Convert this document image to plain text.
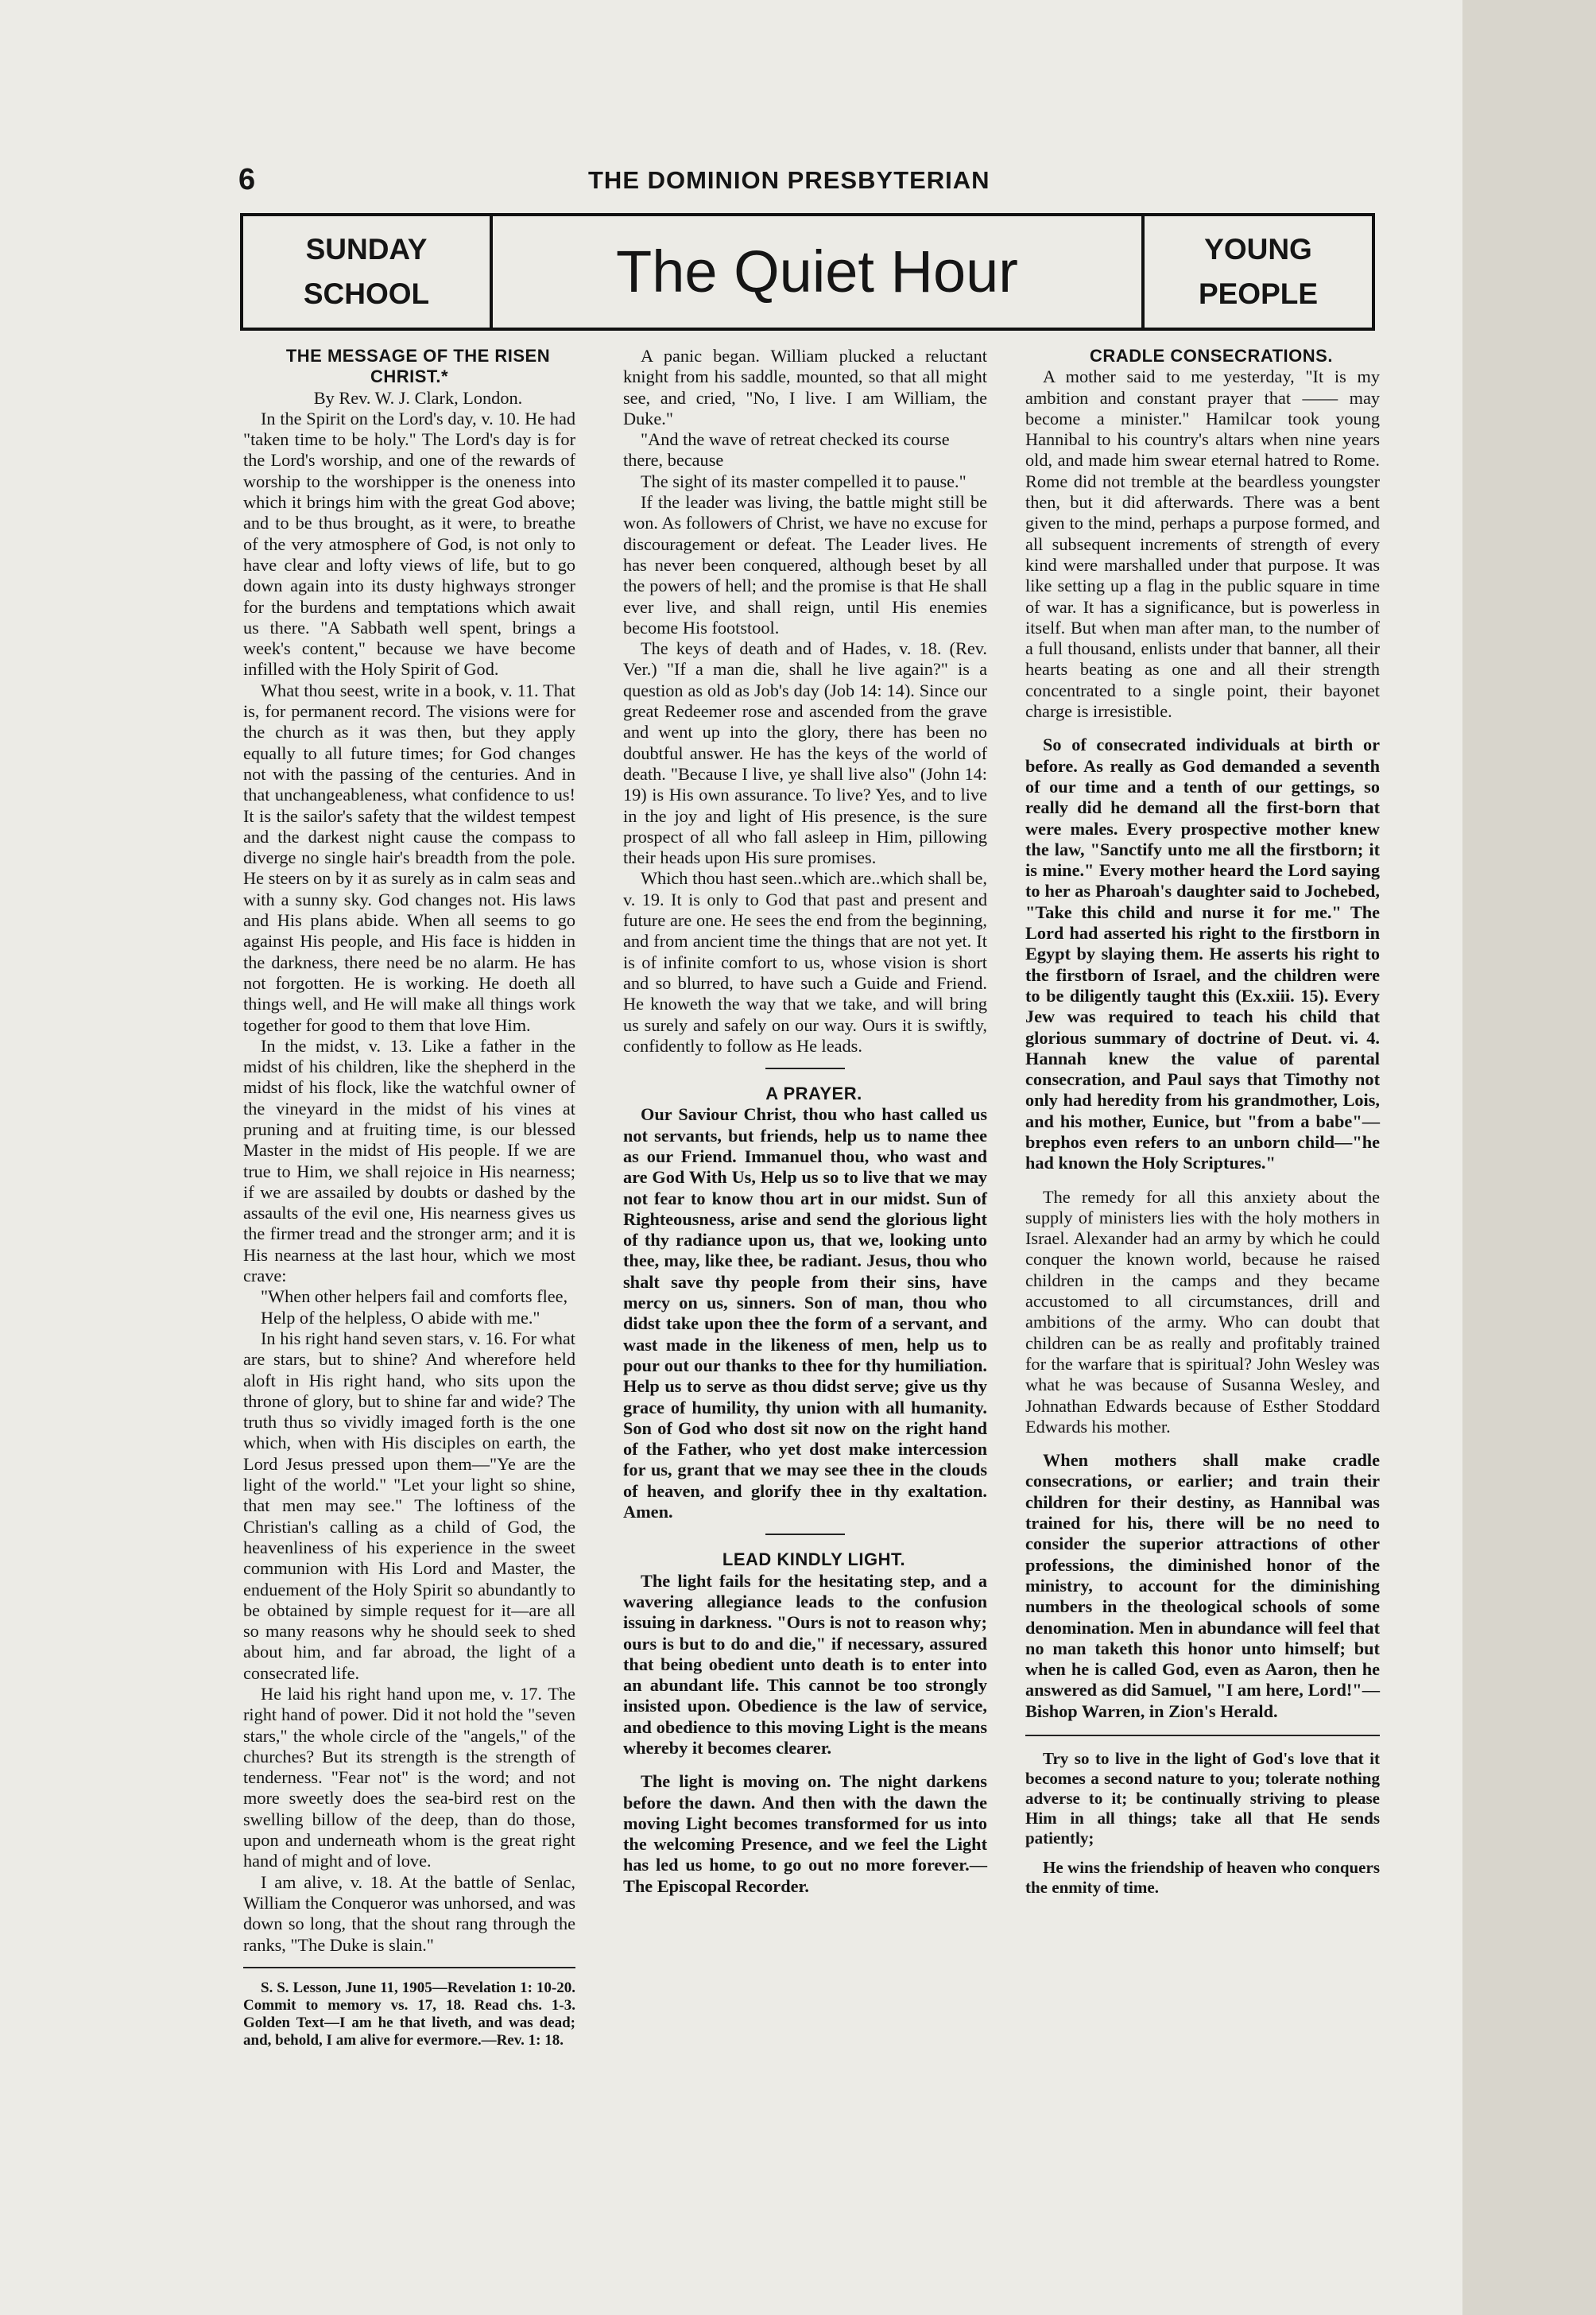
6	THE DOMINION PRESBYTERIAN
SUNDAY
SCHOOL	The Quiet Hour	YOUNG
PEOPLE

THE MESSAGE OF THE RISEN CHRIST.*

By Rev. W. J. Clark, London.

In the Spirit on the Lord's day, v. 10. He had "taken time to be holy." The Lord's day is for the Lord's worship, and one of the rewards of worship to the worshipper is the oneness into which it brings him with the great God above; and to be thus brought, as it were, to breathe of the very atmosphere of God, is not only to have clear and lofty views of life, but to go down again into its dusty highways stronger for the burdens and temptations which await us there. "A Sabbath well spent, brings a week's content," because we have become infilled with the Holy Spirit of God.

What thou seest, write in a book, v. 11. That is, for permanent record. The visions were for the church as it was then, but they apply equally to all future times; for God changes not with the passing of the centuries. And in that unchangeableness, what confidence to us! It is the sailor's safety that the wildest tempest and the darkest night cause the compass to diverge no single hair's breadth from the pole. He steers on by it as surely as in calm seas and with a sunny sky. God changes not. His laws and His plans abide. When all seems to go against His people, and His face is hidden in the darkness, there need be no alarm. He has not forgotten. He is working. He doeth all things well, and He will make all things work together for good to them that love Him.

In the midst, v. 13. Like a father in the midst of his children, like the shepherd in the midst of his flock, like the watchful owner of the vineyard in the midst of his vines at pruning and at fruiting time, is our blessed Master in the midst of His people. If we are true to Him, we shall rejoice in His nearness; if we are assailed by doubts or dashed by the assaults of the evil one, His nearness gives us the firmer tread and the stronger arm; and it is His nearness at the last hour, which we most crave:

"When other helpers fail and comforts flee,

Help of the helpless, O abide with me."

In his right hand seven stars, v. 16. For what are stars, but to shine? And wherefore held aloft in His right hand, who sits upon the throne of glory, but to shine far and wide? The truth thus so vividly imaged forth is the one which, when with His disciples on earth, the Lord Jesus pressed upon them—"Ye are the light of the world." "Let your light so shine, that men may see." The loftiness of the Christian's calling as a child of God, the heavenliness of his experience in the sweet communion with His Lord and Master, the enduement of the Holy Spirit so abundantly to be obtained by simple request for it—are all so many reasons why he should seek to shed about him, and far abroad, the light of a consecrated life.

He laid his right hand upon me, v. 17. The right hand of power. Did it not hold the "seven stars," the whole circle of the "angels," of the churches? But its strength is the strength of tenderness. "Fear not" is the word; and not more sweetly does the sea-bird rest on the swelling billow of the deep, than do those, upon and underneath whom is the great right hand of might and of love.

I am alive, v. 18. At the battle of Senlac, William the Conqueror was unhorsed, and was down so long, that the shout rang through the ranks, "The Duke is slain."

S. S. Lesson, June 11, 1905—Revelation 1: 10-20. Commit to memory vs. 17, 18. Read chs. 1-3. Golden Text—I am he that liveth, and was dead; and, behold, I am alive for evermore.—Rev. 1: 18.

A panic began. William plucked a reluctant knight from his saddle, mounted, so that all might see, and cried, "No, I live. I am William, the Duke."

"And the wave of retreat checked its course there, because

The sight of its master compelled it to pause."

If the leader was living, the battle might still be won. As followers of Christ, we have no excuse for discouragement or defeat. The Leader lives. He has never been conquered, although beset by all the powers of hell; and the promise is that He shall ever live, and shall reign, until His enemies become His footstool.

The keys of death and of Hades, v. 18. (Rev. Ver.) "If a man die, shall he live again?" is a question as old as Job's day (Job 14: 14). Since our great Redeemer rose and ascended from the grave and went up into the glory, there has been no doubtful answer. He has the keys of the world of death. "Because I live, ye shall live also" (John 14: 19) is His own assurance. To live? Yes, and to live in the joy and light of His presence, is the sure prospect of all who fall asleep in Him, pillowing their heads upon His sure promises.

Which thou hast seen..which are..which shall be, v. 19. It is only to God that past and present and future are one. He sees the end from the beginning, and from ancient time the things that are not yet. It is of infinite comfort to us, whose vision is short and so blurred, to have such a Guide and Friend. He knoweth the way that we take, and will bring us surely and safely on our way. Ours it is swiftly, confidently to follow as He leads.

A PRAYER.

Our Saviour Christ, thou who hast called us not servants, but friends, help us to name thee as our Friend. Immanuel thou, who wast and are God With Us, Help us so to live that we may not fear to know thou art in our midst. Sun of Righteousness, arise and send the glorious light of thy radiance upon us, that we, looking unto thee, may, like thee, be radiant. Jesus, thou who shalt save thy people from their sins, have mercy on us, sinners. Son of man, thou who didst take upon thee the form of a servant, and wast made in the likeness of men, help us to pour out our thanks to thee for thy humiliation. Help us to serve as thou didst serve; give us thy grace of humility, thy union with all humanity. Son of God who dost sit now on the right hand of the Father, who yet dost make intercession for us, grant that we may see thee in the clouds of heaven, and glorify thee in thy exaltation. Amen.

LEAD KINDLY LIGHT.

The light fails for the hesitating step, and a wavering allegiance leads to the confusion issuing in darkness. "Ours is not to reason why; ours is but to do and die," if necessary, assured that being obedient unto death is to enter into an abundant life. This cannot be too strongly insisted upon. Obedience is the law of service, and obedience to this moving Light is the means whereby it becomes clearer.

The light is moving on. The night darkens before the dawn. And then with the dawn the moving Light becomes transformed for us into the welcoming Presence, and we feel the Light has led us home, to go out no more forever.—The Episcopal Recorder.

CRADLE CONSECRATIONS.

A mother said to me yesterday, "It is my ambition and constant prayer that —— may become a minister." Hamilcar took young Hannibal to his country's altars when nine years old, and made him swear eternal hatred to Rome. Rome did not tremble at the beardless youngster then, but it did afterwards. There was a bent given to the mind, perhaps a purpose formed, and all subsequent increments of strength of every kind were marshalled under that purpose. It was like setting up a flag in the public square in time of war. It has a significance, but is powerless in itself. But when man after man, to the number of a full thousand, enlists under that banner, all their hearts beating as one and all their strength concentrated to a single point, their bayonet charge is irresistible.

So of consecrated individuals at birth or before. As really as God demanded a seventh of our time and a tenth of our gettings, so really did he demand all the first-born that were males. Every prospective mother knew the law, "Sanctify unto me all the firstborn; it is mine." Every mother heard the Lord saying to her as Pharoah's daughter said to Jochebed, "Take this child and nurse it for me." The Lord had asserted his right to the firstborn in Egypt by slaying them. He asserts his right to the firstborn of Israel, and the children were to be diligently taught this (Ex.xiii. 15). Every Jew was required to teach his child that glorious summary of doctrine of Deut. vi. 4. Hannah knew the value of parental consecration, and Paul says that Timothy not only had heredity from his grandmother, Lois, and his mother, Eunice, but "from a babe"—brephos even refers to an unborn child—"he had known the Holy Scriptures."

The remedy for all this anxiety about the supply of ministers lies with the holy mothers in Israel. Alexander had an army by which he could conquer the known world, because he raised children in the camps and they became accustomed to all circumstances, drill and ambitions of the army. Who can doubt that children can be as really and profitably trained for the warfare that is spiritual? John Wesley was what he was because of Susanna Wesley, and Johnathan Edwards because of Esther Stoddard Edwards his mother.

When mothers shall make cradle consecrations, or earlier; and train their children for their destiny, as Hannibal was trained for his, there will be no need to consider the superior attractions of other professions, the diminished honor of the ministry, to account for the diminishing numbers in the theological schools of some denomination. Men in abundance will feel that no man taketh this honor unto himself; but when he is called God, even as Aaron, then he answered as did Samuel, "I am here, Lord!"—Bishop Warren, in Zion's Herald.

Try so to live in the light of God's love that it becomes a second nature to you; tolerate nothing adverse to it; be continually striving to please Him in all things; take all that He sends patiently;

He wins the friendship of heaven who conquers the enmity of time.
